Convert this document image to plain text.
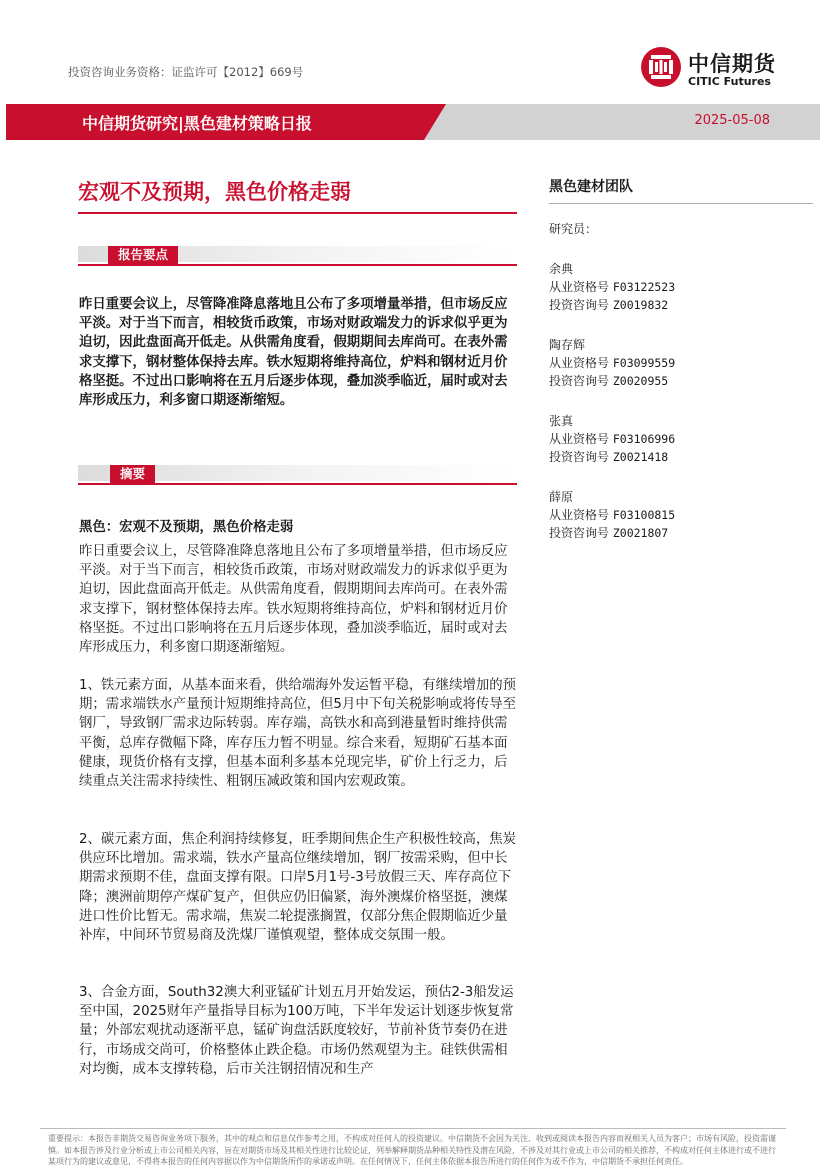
投资咨询业务资格：证监许可【2012】669号	中信期货
CITIC Futures
中信期货研究|黑色建材策略日报	2025-05-08
宏观不及预期，黑色价格走弱
报告要点

昨日重要会议上，尽管降准降息落地且公布了多项增量举措，但市场反应平淡。对于当下而言，相较货币政策，市场对财政端发力的诉求似乎更为迫切，因此盘面高开低走。从供需角度看，假期期间去库尚可。在表外需求支撑下，钢材整体保持去库。铁水短期将维持高位，炉料和钢材近月价格坚挺。不过出口影响将在五月后逐步体现，叠加淡季临近，届时或对去库形成压力，利多窗口期逐渐缩短。

摘要
黑色：宏观不及预期，黑色价格走弱

昨日重要会议上，尽管降准降息落地且公布了多项增量举措，但市场反应平淡。对于当下而言，相较货币政策，市场对财政端发力的诉求似乎更为迫切，因此盘面高开低走。从供需角度看，假期期间去库尚可。在表外需求支撑下，钢材整体保持去库。铁水短期将维持高位，炉料和钢材近月价格坚挺。不过出口影响将在五月后逐步体现，叠加淡季临近，届时或对去库形成压力，利多窗口期逐渐缩短。

1、铁元素方面，从基本面来看，供给端海外发运暂平稳，有继续增加的预期；需求端铁水产量预计短期维持高位，但5月中下旬关税影响或将传导至钢厂，导致钢厂需求边际转弱。库存端，高铁水和高到港量暂时维持供需平衡，总库存微幅下降，库存压力暂不明显。综合来看，短期矿石基本面健康，现货价格有支撑，但基本面利多基本兑现完毕，矿价上行乏力，后续重点关注需求持续性、粗钢压减政策和国内宏观政策。

2、碳元素方面，焦企利润持续修复，旺季期间焦企生产积极性较高，焦炭供应环比增加。需求端，铁水产量高位继续增加，钢厂按需采购，但中长期需求预期不佳，盘面支撑有限。口岸5月1号-3号放假三天、库存高位下降；澳洲前期停产煤矿复产，但供应仍旧偏紧，海外澳煤价格坚挺，澳煤进口性价比暂无。需求端，焦炭二轮提涨搁置，仅部分焦企假期临近少量补库，中间环节贸易商及洗煤厂谨慎观望，整体成交氛围一般。

3、合金方面，South32澳大利亚锰矿计划五月开始发运，预估2-3船发运至中国，2025财年产量指导目标为100万吨，下半年发运计划逐步恢复常量；外部宏观扰动逐渐平息，锰矿询盘活跃度较好，节前补货节奏仍在进行，市场成交尚可，价格整体止跌企稳。市场仍然观望为主。硅铁供需相对均衡，成本支撑转稳，后市关注钢招情况和生产

黑色建材团队
研究员：
余典
从业资格号 F03122523
投资咨询号 Z0019832
陶存辉
从业资格号 F03099559
投资咨询号 Z0020955
张真
从业资格号 F03106996
投资咨询号 Z0021418
薛原
从业资格号 F03100815
投资咨询号 Z0021807

重要提示：本报告非期货交易咨询业务项下服务，其中的观点和信息仅作参考之用，不构成对任何人的投资建议。中信期货不会因为关注、收到或阅读本报告内容而视相关人员为客户；市场有风险，投资需谨慎。如本报告涉及行业分析或上市公司相关内容，旨在对期货市场及其相关性进行比较论证，列举解释期货品种相关特性及潜在风险，不涉及对其行业或上市公司的相关推荐，不构成对任何主体进行或不进行某项行为的建议或意见，不得将本报告的任何内容据以作为中信期货所作的承诺或声明。在任何情况下，任何主体依据本报告所进行的任何作为或不作为，中信期货不承担任何责任。
